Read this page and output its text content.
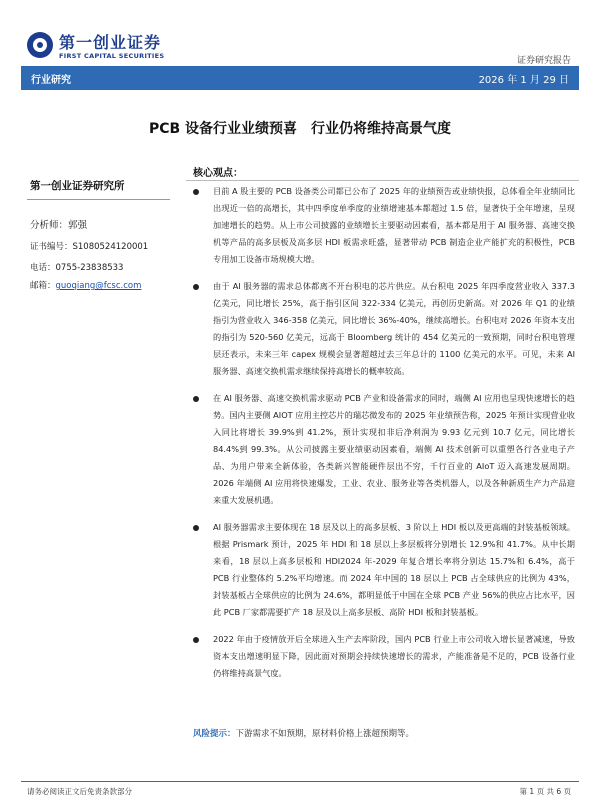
第一创业证券
FIRST CAPITAL SECURITIES	证券研究报告
行业研究	2026 年 1 月 29 日
PCB 设备行业业绩预喜　行业仍将维持高景气度
第一创业证券研究所
分析师：郭强
证书编号：S1080524120001
电话：0755-23838533
邮箱：guoqiang@fcsc.com
核心观点：
目前 A 股主要的 PCB 设备类公司都已公布了 2025 年的业绩预告或业绩快报，总体看全年业绩同比出现近一倍的高增长，其中四季度单季度的业绩增速基本都超过 1.5 倍，显著快于全年增速，呈现加速增长的趋势。从上市公司披露的业绩增长主要驱动因素看，基本都是用于 AI 服务器、高速交换机等产品的高多层板及高多层 HDI 板需求旺盛，显著带动 PCB 制造企业产能扩充的积极性，PCB 专用加工设备市场规模大增。
由于 AI 服务器的需求总体都离不开台积电的芯片供应。从台积电 2025 年四季度营业收入 337.3 亿美元，同比增长 25%，高于指引区间 322-334 亿美元，再创历史新高。对 2026 年 Q1 的业绩指引为营业收入 346-358 亿美元，同比增长 36%-40%，继续高增长。台积电对 2026 年资本支出的指引为 520-560 亿美元，远高于 Bloomberg 统计的 454 亿美元的一致预期，同时台积电管理层还表示，未来三年 capex 规模会显著超越过去三年总计的 1100 亿美元的水平。可见，未来 AI 服务器、高速交换机需求继续保持高增长的概率较高。
在 AI 服务器、高速交换机需求驱动 PCB 产业和设备需求的同时，端侧 AI 应用也呈现快速增长的趋势。国内主要侧 AIOT 应用主控芯片的瑞芯微发布的 2025 年业绩预告称，2025 年预计实现营业收入同比将增长 39.9%到 41.2%，预计实现扣非后净利润为 9.93 亿元到 10.7 亿元，同比增长 84.4%到 99.3%。从公司披露主要业绩驱动因素看，端侧 AI 技术创新可以重塑各行各业电子产品、为用户带来全新体验，各类新兴智能硬件层出不穷，千行百业的 AIoT 迈入高速发展周期。2026 年端侧 AI 应用将快速爆发，工业、农业、服务业等各类机器人，以及各种新质生产力产品迎来重大发展机遇。
AI 服务器需求主要体现在 18 层及以上的高多层板、3 阶以上 HDI 板以及更高端的封装基板领域。根据 Prismark 预计，2025 年 HDI 和 18 层以上多层板将分别增长 12.9%和 41.7%。从中长期来看，18 层以上高多层板和 HDI2024 年-2029 年复合增长率将分别达 15.7%和 6.4%，高于 PCB 行业整体约 5.2%平均增速。而 2024 年中国的 18 层以上 PCB 占全球供应的比例为 43%，封装基板占全球供应的比例为 24.6%，都明显低于中国在全球 PCB 产业 56%的供应占比水平，因此 PCB 厂家都需要扩产 18 层及以上高多层板、高阶 HDI 板和封装基板。
2022 年由于疫情放开后全球进入生产去库阶段，国内 PCB 行业上市公司收入增长显著减速，导致资本支出增速明显下降，因此面对预期会持续快速增长的需求，产能准备是不足的，PCB 设备行业仍将维持高景气度。
风险提示：下游需求不如预期，原材料价格上涨超预期等。
请务必阅读正文后免责条款部分	第 1 页 共 6 页
